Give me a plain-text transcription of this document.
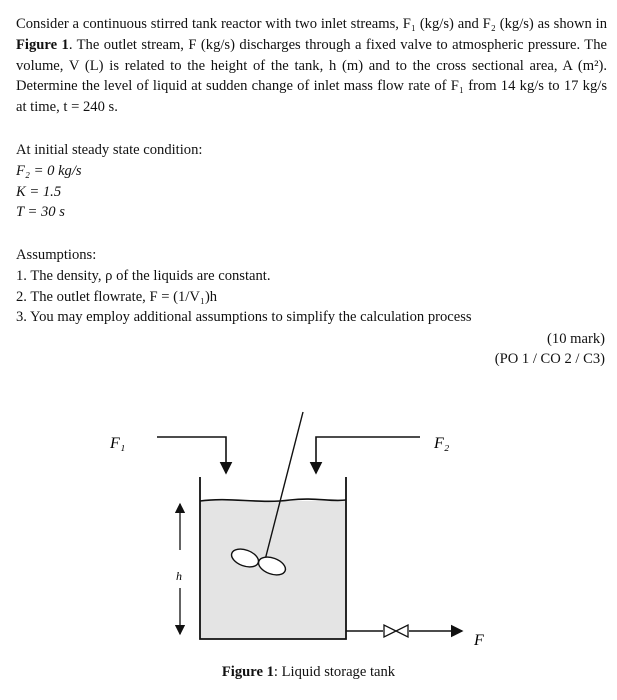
Consider a continuous stirred tank reactor with two inlet streams, F₁ (kg/s) and F₂ (kg/s) as shown in Figure 1. The outlet stream, F (kg/s) discharges through a fixed valve to atmospheric pressure. The volume, V (L) is related to the height of the tank, h (m) and to the cross sectional area, A (m²). Determine the level of liquid at sudden change of inlet mass flow rate of F₁ from 14 kg/s to 17 kg/s at time, t = 240 s.
At initial steady state condition:
F₂ = 0 kg/s
K = 1.5
T = 30 s
Assumptions:
1. The density, ρ of the liquids are constant.
2. The outlet flowrate, F = (1/V₁)h
3. You may employ additional assumptions to simplify the calculation process
(10 mark)
(PO 1 / CO 2 / C3)
F₁	F₂
h
F
Figure 1: Liquid storage tank
